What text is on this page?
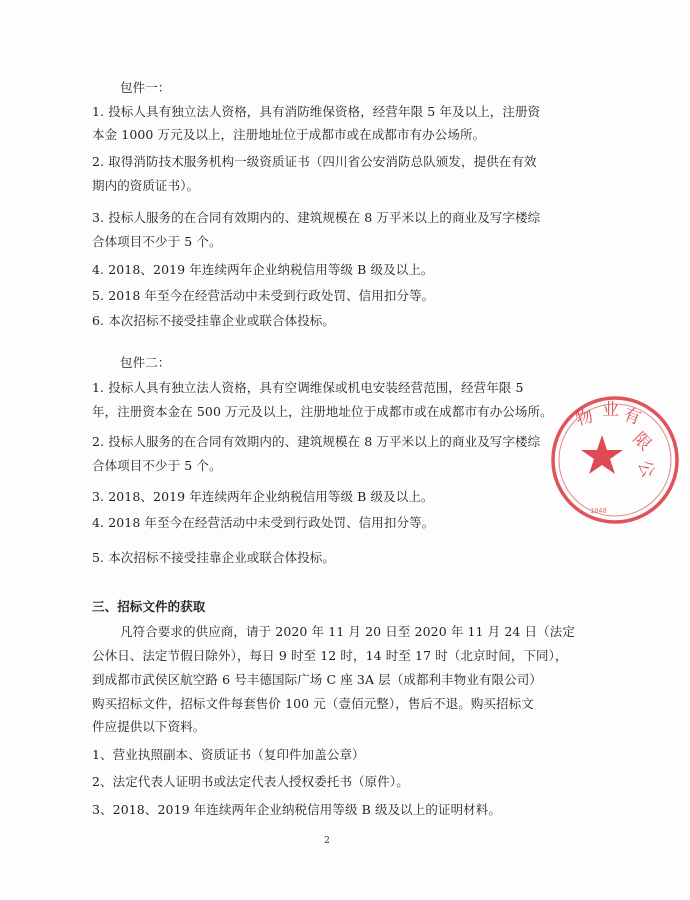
包件一：

1. 投标人具有独立法人资格，具有消防维保资格，经营年限 5 年及以上，注册资

本金 1000 万元及以上，注册地址位于成都市或在成都市有办公场所。

2. 取得消防技术服务机构一级资质证书（四川省公安消防总队颁发，提供在有效

期内的资质证书）。

3. 投标人服务的在合同有效期内的、建筑规模在 8 万平米以上的商业及写字楼综

合体项目不少于 5 个。

4. 2018、2019 年连续两年企业纳税信用等级 B 级及以上。

5. 2018 年至今在经营活动中未受到行政处罚、信用扣分等。

6. 本次招标不接受挂靠企业或联合体投标。

包件二：

1. 投标人具有独立法人资格，具有空调维保或机电安装经营范围，经营年限 5

年，注册资本金在 500 万元及以上，注册地址位于成都市或在成都市有办公场所。

2. 投标人服务的在合同有效期内的、建筑规模在 8 万平米以上的商业及写字楼综

合体项目不少于 5 个。

3. 2018、2019 年连续两年企业纳税信用等级 B 级及以上。

4. 2018 年至今在经营活动中未受到行政处罚、信用扣分等。

5. 本次招标不接受挂靠企业或联合体投标。

三、招标文件的获取

凡符合要求的供应商，请于 2020 年 11 月 20 日至 2020 年 11 月 24 日（法定

公休日、法定节假日除外），每日 9 时至 12 时，14 时至 17 时（北京时间，下同），

到成都市武侯区航空路 6 号丰德国际广场 C 座 3A 层（成都利丰物业有限公司）

购买招标文件，招标文件每套售价 100 元（壹佰元整），售后不退。购买招标文

件应提供以下资料。

1、营业执照副本、资质证书（复印件加盖公章）

2、法定代表人证明书或法定代表人授权委托书（原件）。

3、2018、2019 年连续两年企业纳税信用等级 B 级及以上的证明材料。

2
物 业 有
限
公
1048
